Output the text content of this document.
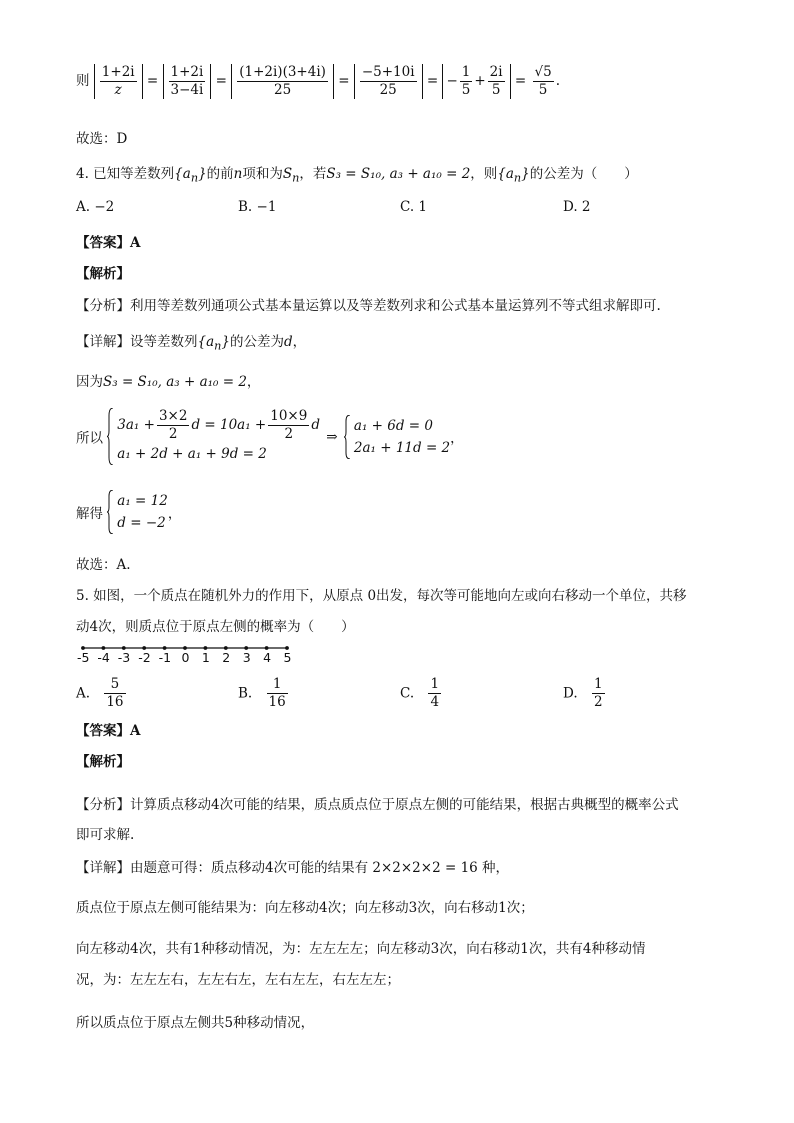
则 $\frac{1+2i}{z} = \frac{1+2i}{3-4i} = \frac{(1+2i)(3+4i)}{25} = \frac{-5+10i}{25}$ = − $\frac{1}{5} + \frac{2i}{5} = \frac{√5}{5}$ .
故选：D
4. 已知等差数列$\{a_n\}$的前n项和为$S_n$，若S₃ = S₁₀, a₃ + a₁₀ = 2，则$\{a_n\}$的公差为（　　）
A. −2	B. −1	C. 1	D. 2
【答案】A
【解析】
【分析】利用等差数列通项公式基本量运算以及等差数列求和公式基本量运算列不等式组求解即可.
【详解】设等差数列$\{a_n\}$的公差为d，
因为S₃ = S₁₀, a₃ + a₁₀ = 2，
所以
$3a_1 + \frac{3\times 2}{2}$ $d = 10a_1 + \frac{10\times 9}{2}$ d
a₁ + 2d + a₁ + 9d = 2
⇒
a₁ + 6d = 0
2a₁ + 11d = 2
，
解得
a₁ = 12
d = −2
，
故选：A.
5. 如图，一个质点在随机外力的作用下，从原点 0出发，每次等可能地向左或向右移动一个单位，共移
动4次，则质点位于原点左侧的概率为（　　）
-5 -4 -3 -2 -1 0 1 2 3 4 5
A. $\frac{5}{16}$	B. $\frac{1}{16}$	C. $\frac{1}{4}$	D. $\frac{1}{2}$
【答案】A
【解析】
【分析】计算质点移动4次可能的结果，质点质点位于原点左侧的可能结果，根据古典概型的概率公式
即可求解.
【详解】由题意可得：质点移动4次可能的结果有 2×2×2×2 = 16 种，
质点位于原点左侧可能结果为：向左移动4次；向左移动3次，向右移动1次；
向左移动4次，共有1种移动情况，为：左左左左；向左移动3次，向右移动1次，共有4种移动情
况，为：左左左右，左左右左，左右左左，右左左左；
所以质点位于原点左侧共5种移动情况，
